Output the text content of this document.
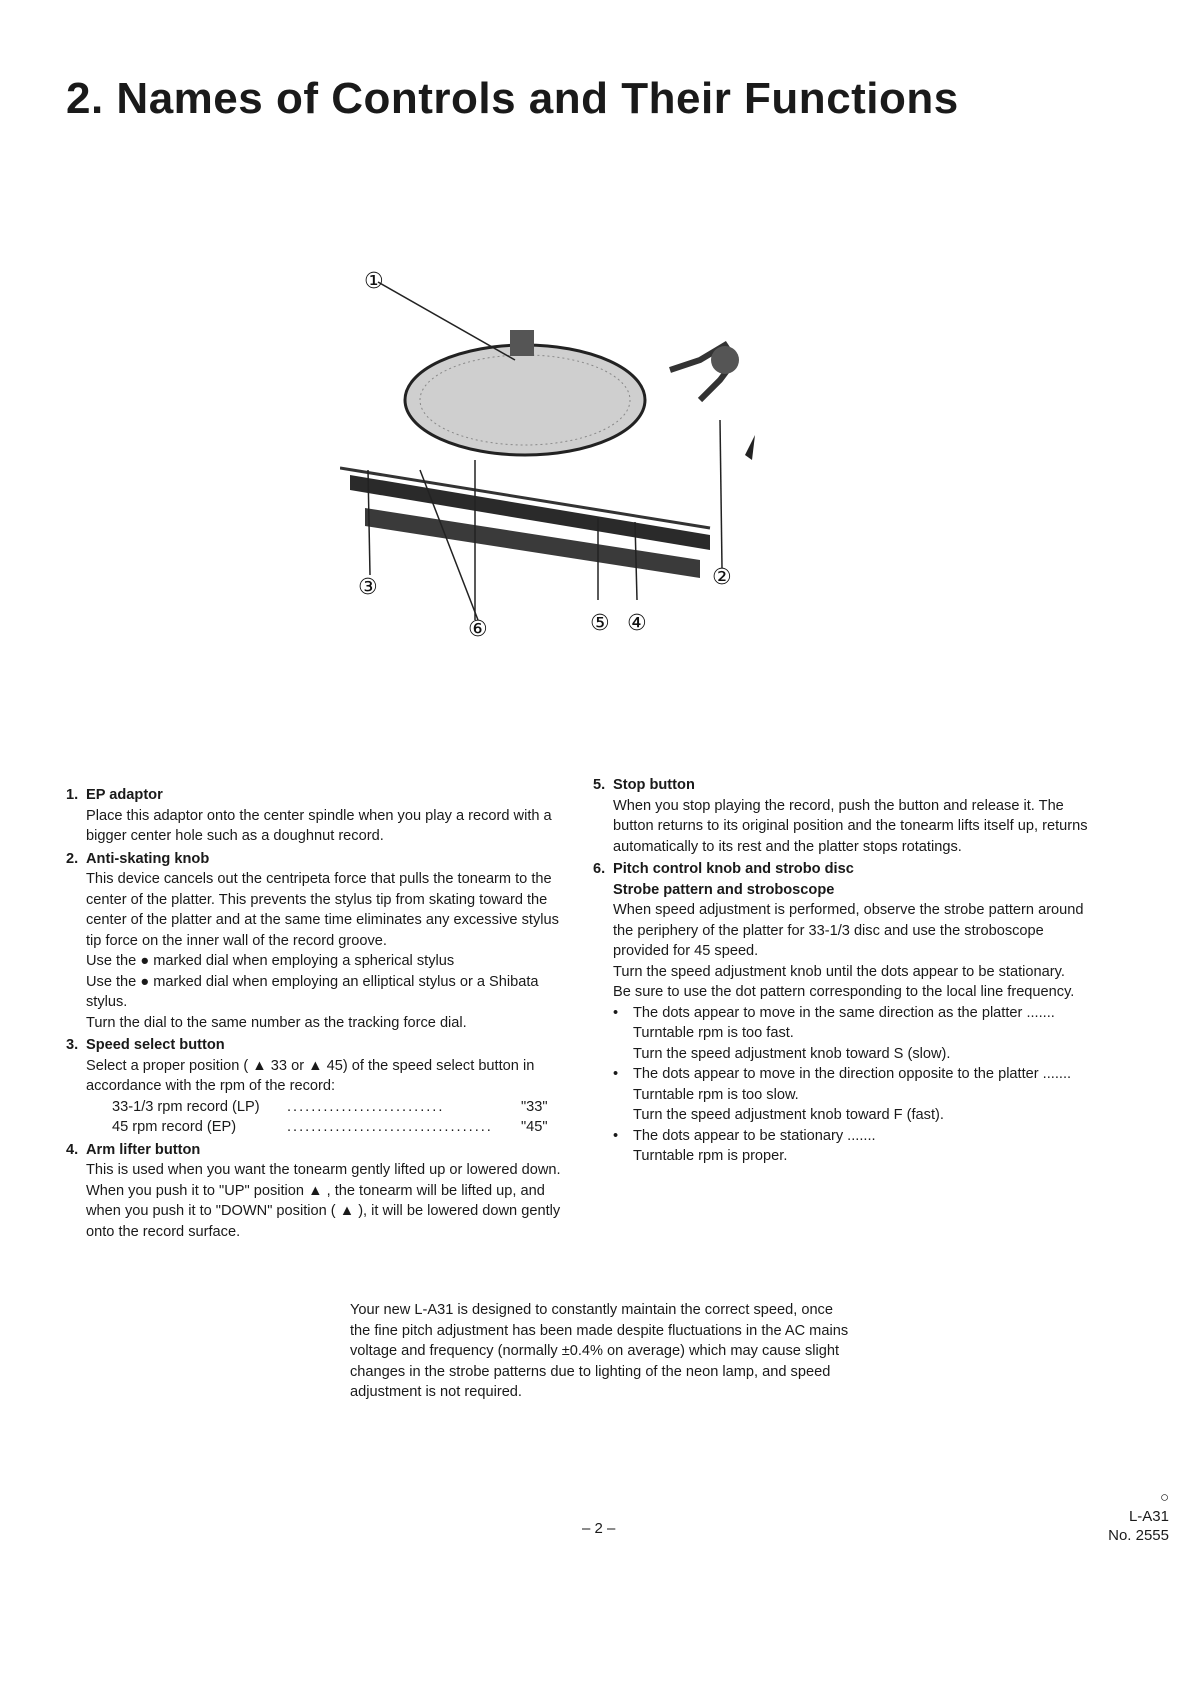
2. Names of Controls and Their Functions
①
②
③
④
⑤
⑥
1. EP adaptor

Place this adaptor onto the center spindle when you play a record with a bigger center hole such as a doughnut record.

2. Anti-skating knob

This device cancels out the centripeta force that pulls the tonearm to the center of the platter. This prevents the stylus tip from skating toward the center of the platter and at the same time eliminates any excessive stylus tip force on the inner wall of the record groove.

Use the ● marked dial when employing a spherical stylus

Use the ● marked dial when employing an elliptical stylus or a Shibata stylus.

Turn the dial to the same number as the tracking force dial.

3. Speed select button

Select a proper position ( ▲ 33 or ▲ 45) of the speed select button in accordance with the rpm of the record:

33-1/3 rpm record (LP)	..........................	"33"
45 rpm record (EP)	..................................	"45"
4. Arm lifter button

This is used when you want the tonearm gently lifted up or lowered down. When you push it to "UP" position ▲ , the tonearm will be lifted up, and when you push it to "DOWN" position ( ▲ ), it will be lowered down gently onto the record surface.

5. Stop button

When you stop playing the record, push the button and release it. The button returns to its original position and the tonearm lifts itself up, returns automatically to its rest and the platter stops rotatings.

6. Pitch control knob and strobo disc

Strobe pattern and stroboscope

When speed adjustment is performed, observe the strobe pattern around the periphery of the platter for 33-1/3 disc and use the stroboscope provided for 45 speed.

Turn the speed adjustment knob until the dots appear to be stationary.

Be sure to use the dot pattern corresponding to the local line frequency.

•	The dots appear to move in the same direction as the platter .......

Turntable rpm is too fast.

Turn the speed adjustment knob toward S (slow).

•	The dots appear to move in the direction opposite to the platter .......

Turntable rpm is too slow.

Turn the speed adjustment knob toward F (fast).

•	The dots appear to be stationary .......

Turntable rpm is proper.

Your new L-A31 is designed to constantly maintain the correct speed, once the fine pitch adjustment has been made despite fluctuations in the AC mains voltage and frequency (normally ±0.4% on average) which may cause slight changes in the strobe patterns due to lighting of the neon lamp, and speed adjustment is not required.

– 2 –
○
L-A31
No. 2555
